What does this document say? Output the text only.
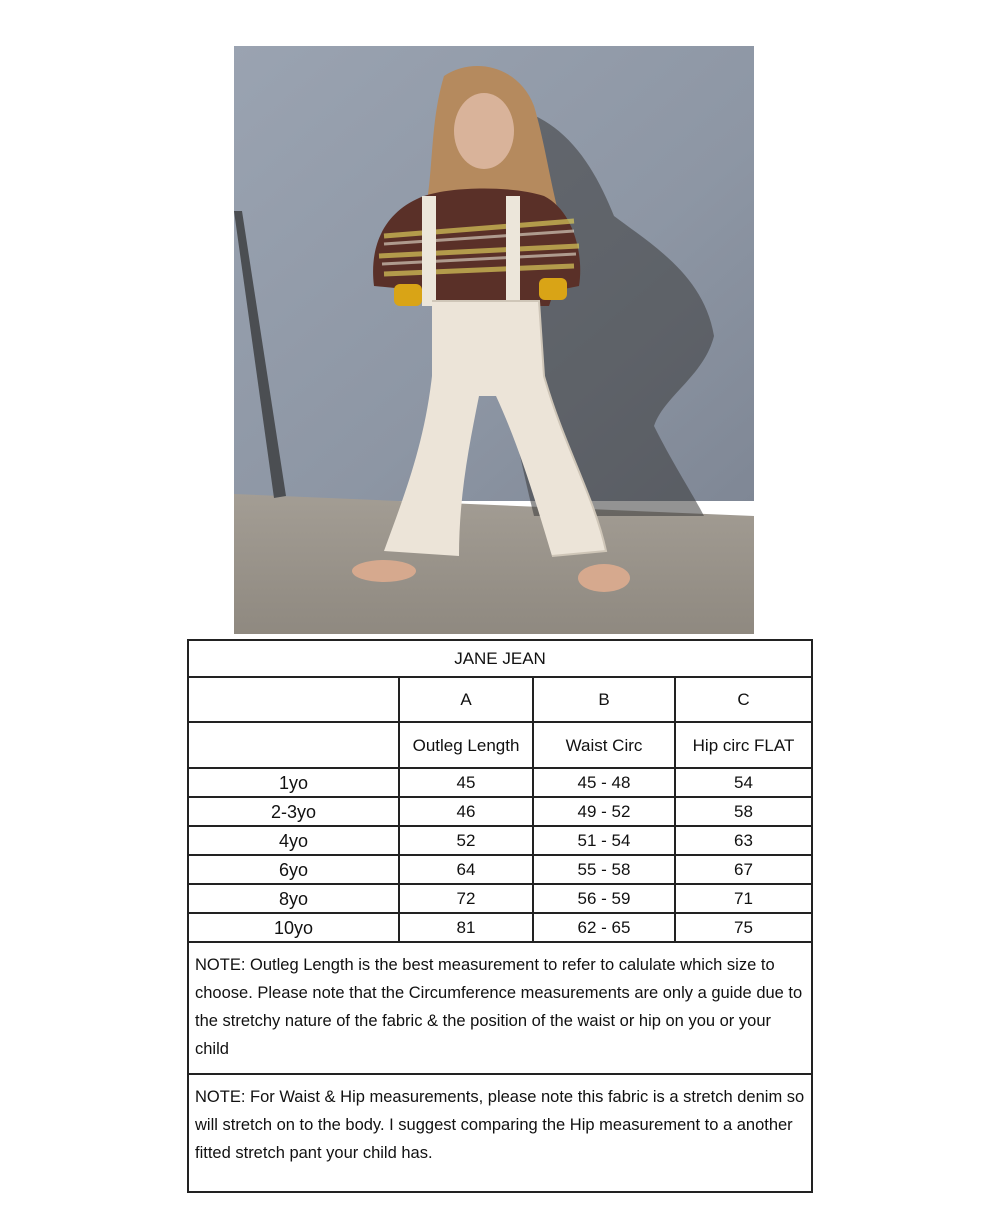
JANE JEAN			
	A	B	C
	Outleg Length	Waist Circ	Hip circ FLAT
1yo	45	45 - 48	54
2-3yo	46	49 - 52	58
4yo	52	51 - 54	63
6yo	64	55 - 58	67
8yo	72	56 - 59	71
10yo	81	62 - 65	75
NOTE: Outleg Length is the best measurement to refer to calulate which size to choose. Please note that the Circumference measurements are only a guide due to the stretchy nature of the fabric & the position of the waist or hip on you or your child			
NOTE: For Waist & Hip measurements, please note this fabric is a stretch denim so will stretch on to the body. I suggest comparing the Hip measurement to a another fitted stretch pant your child has.			
